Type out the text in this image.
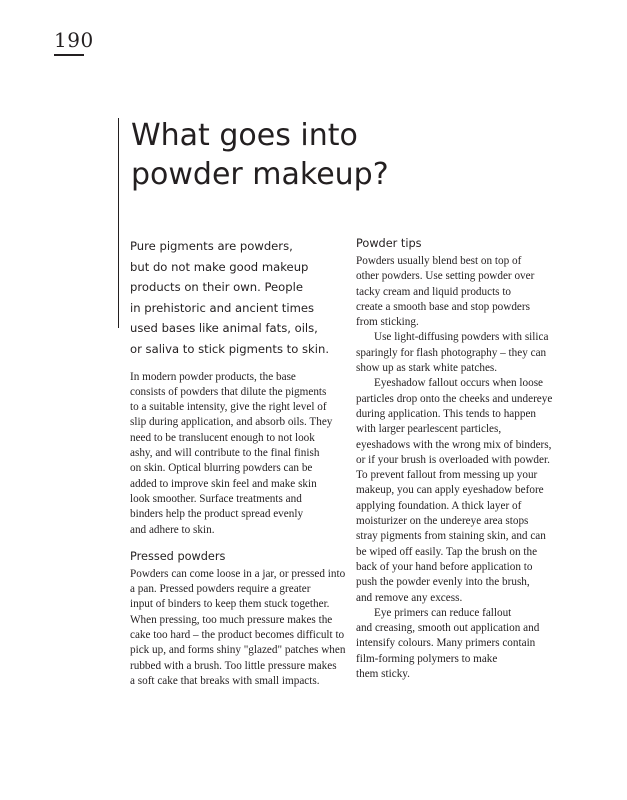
190
What goes into
powder makeup?

Pure pigments are powders,

but do not make good makeup

products on their own. People

in prehistoric and ancient times

used bases like animal fats, oils,

or saliva to stick pigments to skin.

In modern powder products, the base

consists of powders that dilute the pigments

to a suitable intensity, give the right level of

slip during application, and absorb oils. They

need to be translucent enough to not look

ashy, and will contribute to the final finish

on skin. Optical blurring powders can be

added to improve skin feel and make skin

look smoother. Surface treatments and

binders help the product spread evenly

and adhere to skin.

Pressed powders

Powders can come loose in a jar, or pressed into

a pan. Pressed powders require a greater

input of binders to keep them stuck together.

When pressing, too much pressure makes the

cake too hard – the product becomes difficult to

pick up, and forms shiny "glazed" patches when

rubbed with a brush. Too little pressure makes

a soft cake that breaks with small impacts.

Powder tips

Powders usually blend best on top of

other powders. Use setting powder over

tacky cream and liquid products to

create a smooth base and stop powders

from sticking.

Use light-diffusing powders with silica

sparingly for flash photography – they can

show up as stark white patches.

Eyeshadow fallout occurs when loose

particles drop onto the cheeks and undereye

during application. This tends to happen

with larger pearlescent particles,

eyeshadows with the wrong mix of binders,

or if your brush is overloaded with powder.

To prevent fallout from messing up your

makeup, you can apply eyeshadow before

applying foundation. A thick layer of

moisturizer on the undereye area stops

stray pigments from staining skin, and can

be wiped off easily. Tap the brush on the

back of your hand before application to

push the powder evenly into the brush,

and remove any excess.

Eye primers can reduce fallout

and creasing, smooth out application and

intensify colours. Many primers contain

film-forming polymers to make

them sticky.
